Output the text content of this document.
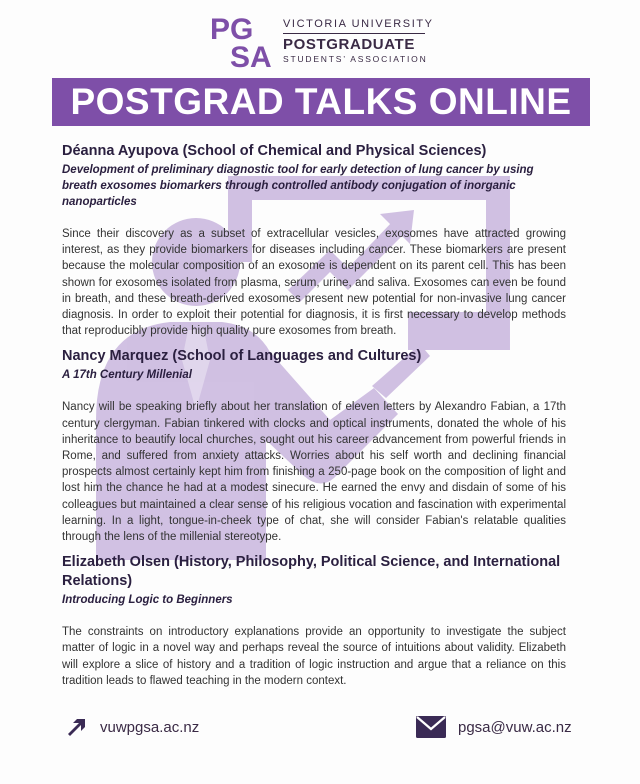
PG
SA
VICTORIA UNIVERSITY
POSTGRADUATE
STUDENTS’ ASSOCIATION
POSTGRAD TALKS ONLINE

Déanna Ayupova (School of Chemical and Physical Sciences)

Development of preliminary diagnostic tool for early detection of lung cancer by using breath exosomes biomarkers through controlled antibody conjugation of inorganic nanoparticles

Since their discovery as a subset of extracellular vesicles, exosomes have attracted growing interest, as they provide biomarkers for diseases including cancer. These biomarkers are present because the molecular composition of an exosome is dependent on its parent cell. This has been shown for exosomes isolated from plasma, serum, urine, and saliva. Exosomes can even be found in breath, and these breath-derived exosomes present new potential for non-invasive lung cancer diagnosis. In order to exploit their potential for diagnosis, it is first necessary to develop methods that reproducibly provide high quality pure exosomes from breath.

Nancy Marquez (School of Languages and Cultures)

A 17th Century Millenial

Nancy will be speaking briefly about her translation of eleven letters by Alexandro Fabian, a 17th century clergyman. Fabian tinkered with clocks and optical instruments, donated the whole of his inheritance to beautify local churches, sought out his career advancement from powerful friends in Rome, and suffered from anxiety attacks. Worries about his self worth and declining financial prospects almost certainly kept him from finishing a 250-page book on the composition of light and lost him the chance he had at a modest sinecure. He earned the envy and disdain of some of his colleagues but maintained a clear sense of his religious vocation and fascination with experimental learning. In a light, tongue-in-cheek type of chat, she will consider Fabian's relatable qualities through the lens of the millenial stereotype.

Elizabeth Olsen (History, Philosophy, Political Science, and International Relations)

Introducing Logic to Beginners

The constraints on introductory explanations provide an opportunity to investigate the subject matter of logic in a novel way and perhaps reveal the source of intuitions about validity. Elizabeth will explore a slice of history and a tradition of logic instruction and argue that a reliance on this tradition leads to flawed teaching in the modern context.

vuwpgsa.ac.nz	pgsa@vuw.ac.nz
